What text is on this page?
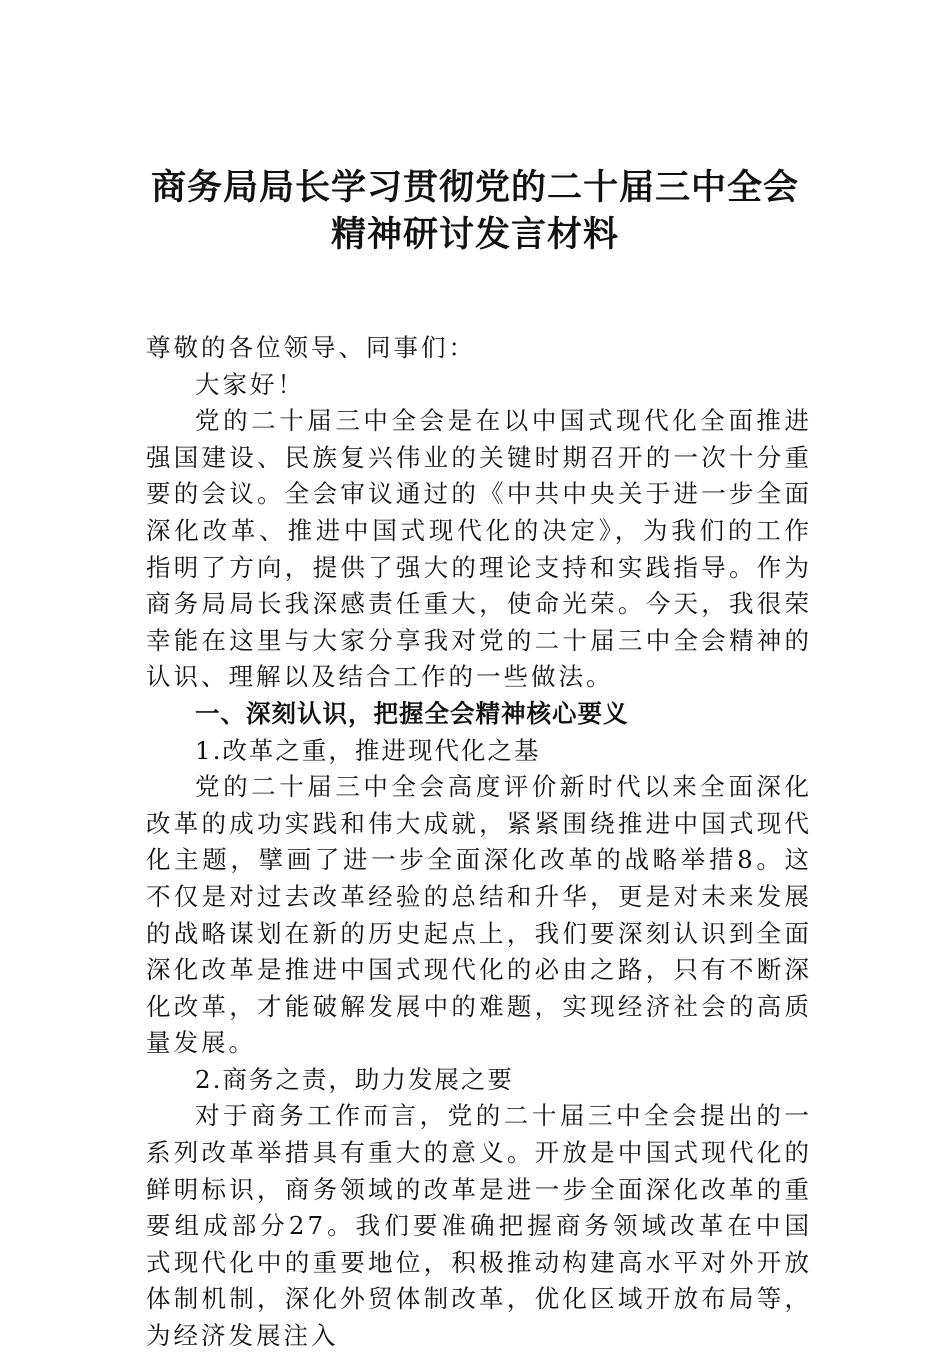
商务局局长学习贯彻党的二十届三中全会
精神研讨发言材料

尊敬的各位领导、同事们：

大家好！

党的二十届三中全会是在以中国式现代化全面推进强国建设、民族复兴伟业的关键时期召开的一次十分重要的会议。全会审议通过的《中共中央关于进一步全面深化改革、推进中国式现代化的决定》，为我们的工作指明了方向，提供了强大的理论支持和实践指导。作为商务局局长我深感责任重大，使命光荣。今天，我很荣幸能在这里与大家分享我对党的二十届三中全会精神的认识、理解以及结合工作的一些做法。

一、深刻认识，把握全会精神核心要义

1.改革之重，推进现代化之基

党的二十届三中全会高度评价新时代以来全面深化改革的成功实践和伟大成就，紧紧围绕推进中国式现代化主题，擘画了进一步全面深化改革的战略举措8。这不仅是对过去改革经验的总结和升华，更是对未来发展的战略谋划在新的历史起点上，我们要深刻认识到全面深化改革是推进中国式现代化的必由之路，只有不断深化改革，才能破解发展中的难题，实现经济社会的高质量发展。

2.商务之责，助力发展之要

对于商务工作而言，党的二十届三中全会提出的一系列改革举措具有重大的意义。开放是中国式现代化的鲜明标识，商务领域的改革是进一步全面深化改革的重要组成部分27。我们要准确把握商务领域改革在中国式现代化中的重要地位，积极推动构建高水平对外开放体制机制，深化外贸体制改革，优化区域开放布局等，为经济发展注入
